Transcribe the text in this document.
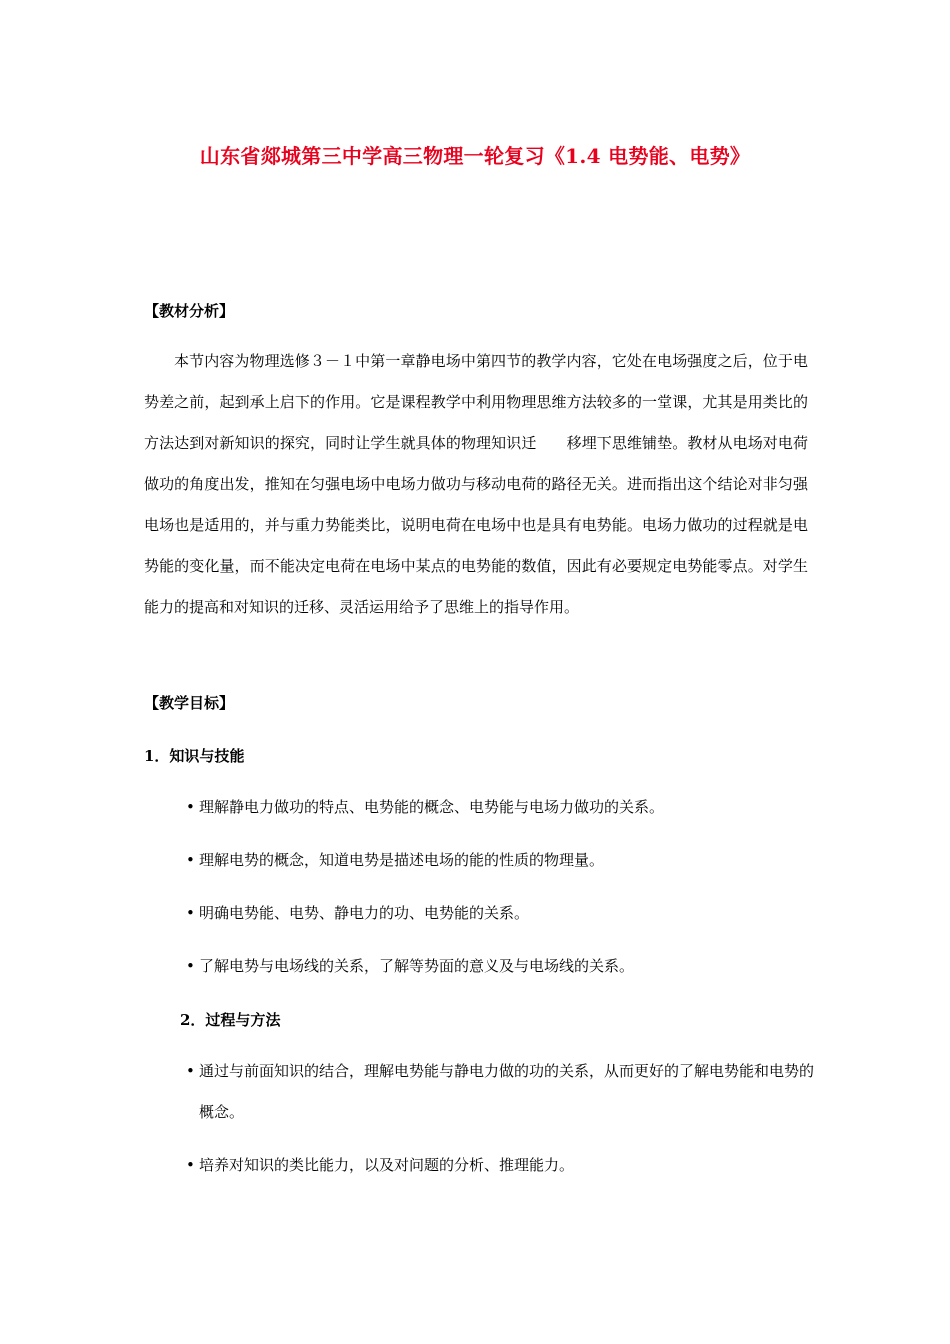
山东省郯城第三中学高三物理一轮复习《1.4 电势能、电势》
【教材分析】

本节内容为物理选修３－１中第一章静电场中第四节的教学内容，它处在电场强度之后，位于电势差之前，起到承上启下的作用。它是课程教学中利用物理思维方法较多的一堂课，尤其是用类比的方法达到对新知识的探究，同时让学生就具体的物理知识迁　　移埋下思维铺垫。教材从电场对电荷做功的角度出发，推知在匀强电场中电场力做功与移动电荷的路径无关。进而指出这个结论对非匀强电场也是适用的，并与重力势能类比，说明电荷在电场中也是具有电势能。电场力做功的过程就是电势能的变化量，而不能决定电荷在电场中某点的电势能的数值，因此有必要规定电势能零点。对学生能力的提高和对知识的迁移、灵活运用给予了思维上的指导作用。

【教学目标】
1．知识与技能

• 理解静电力做功的特点、电势能的概念、电势能与电场力做功的关系。

• 理解电势的概念，知道电势是描述电场的能的性质的物理量。

• 明确电势能、电势、静电力的功、电势能的关系。

• 了解电势与电场线的关系，了解等势面的意义及与电场线的关系。

2．过程与方法

• 通过与前面知识的结合，理解电势能与静电力做的功的关系，从而更好的了解电势能和电势的概念。

• 培养对知识的类比能力，以及对问题的分析、推理能力。
